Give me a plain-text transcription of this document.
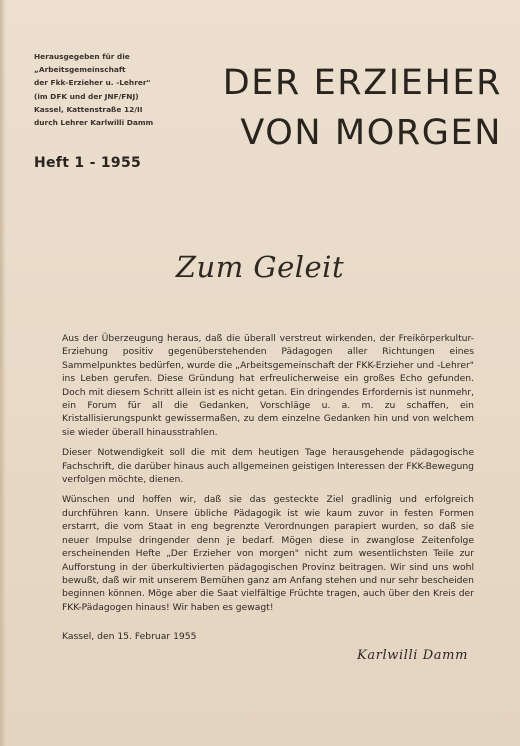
Herausgegeben für die
„Arbeitsgemeinschaft
der Fkk-Erzieher u. -Lehrer"
(im DFK und der JNF/FNJ)
Kassel, Kattenstraße 12/II
durch Lehrer Karlwilli Damm
Heft 1 - 1955
DER ERZIEHER
VON MORGEN
Zum Geleit

Aus der Überzeugung heraus, daß die überall verstreut wirkenden, der Freikörperkultur-Erziehung positiv gegenüberstehenden Pädagogen aller Richtungen eines Sammelpunktes bedürfen, wurde die „Arbeitsgemeinschaft der FKK-Erzieher und -Lehrer" ins Leben gerufen. Diese Gründung hat erfreulicherweise ein großes Echo gefunden. Doch mit diesem Schritt allein ist es nicht getan. Ein dringendes Erfordernis ist nunmehr, ein Forum für all die Gedanken, Vorschläge u. a. m. zu schaffen, ein Kristallisierungspunkt gewissermaßen, zu dem einzelne Gedanken hin und von welchem sie wieder überall hinausstrahlen.

Dieser Notwendigkeit soll die mit dem heutigen Tage herausgehende pädagogische Fachschrift, die darüber hinaus auch allgemeinen geistigen Interessen der FKK-Bewegung verfolgen möchte, dienen.

Wünschen und hoffen wir, daß sie das gesteckte Ziel gradlinig und erfolgreich durchführen kann. Unsere übliche Pädagogik ist wie kaum zuvor in festen Formen erstarrt, die vom Staat in eng begrenzte Verordnungen parapiert wurden, so daß sie neuer Impulse dringender denn je bedarf. Mögen diese in zwanglose Zeitenfolge erscheinenden Hefte „Der Erzieher von morgen" nicht zum wesentlichsten Teile zur Aufforstung in der überkultivierten pädagogischen Provinz beitragen. Wir sind uns wohl bewußt, daß wir mit unserem Bemühen ganz am Anfang stehen und nur sehr bescheiden beginnen können. Möge aber die Saat vielfältige Früchte tragen, auch über den Kreis der FKK-Pädagogen hinaus! Wir haben es gewagt!

Kassel, den 15. Februar 1955
Karlwilli Damm
